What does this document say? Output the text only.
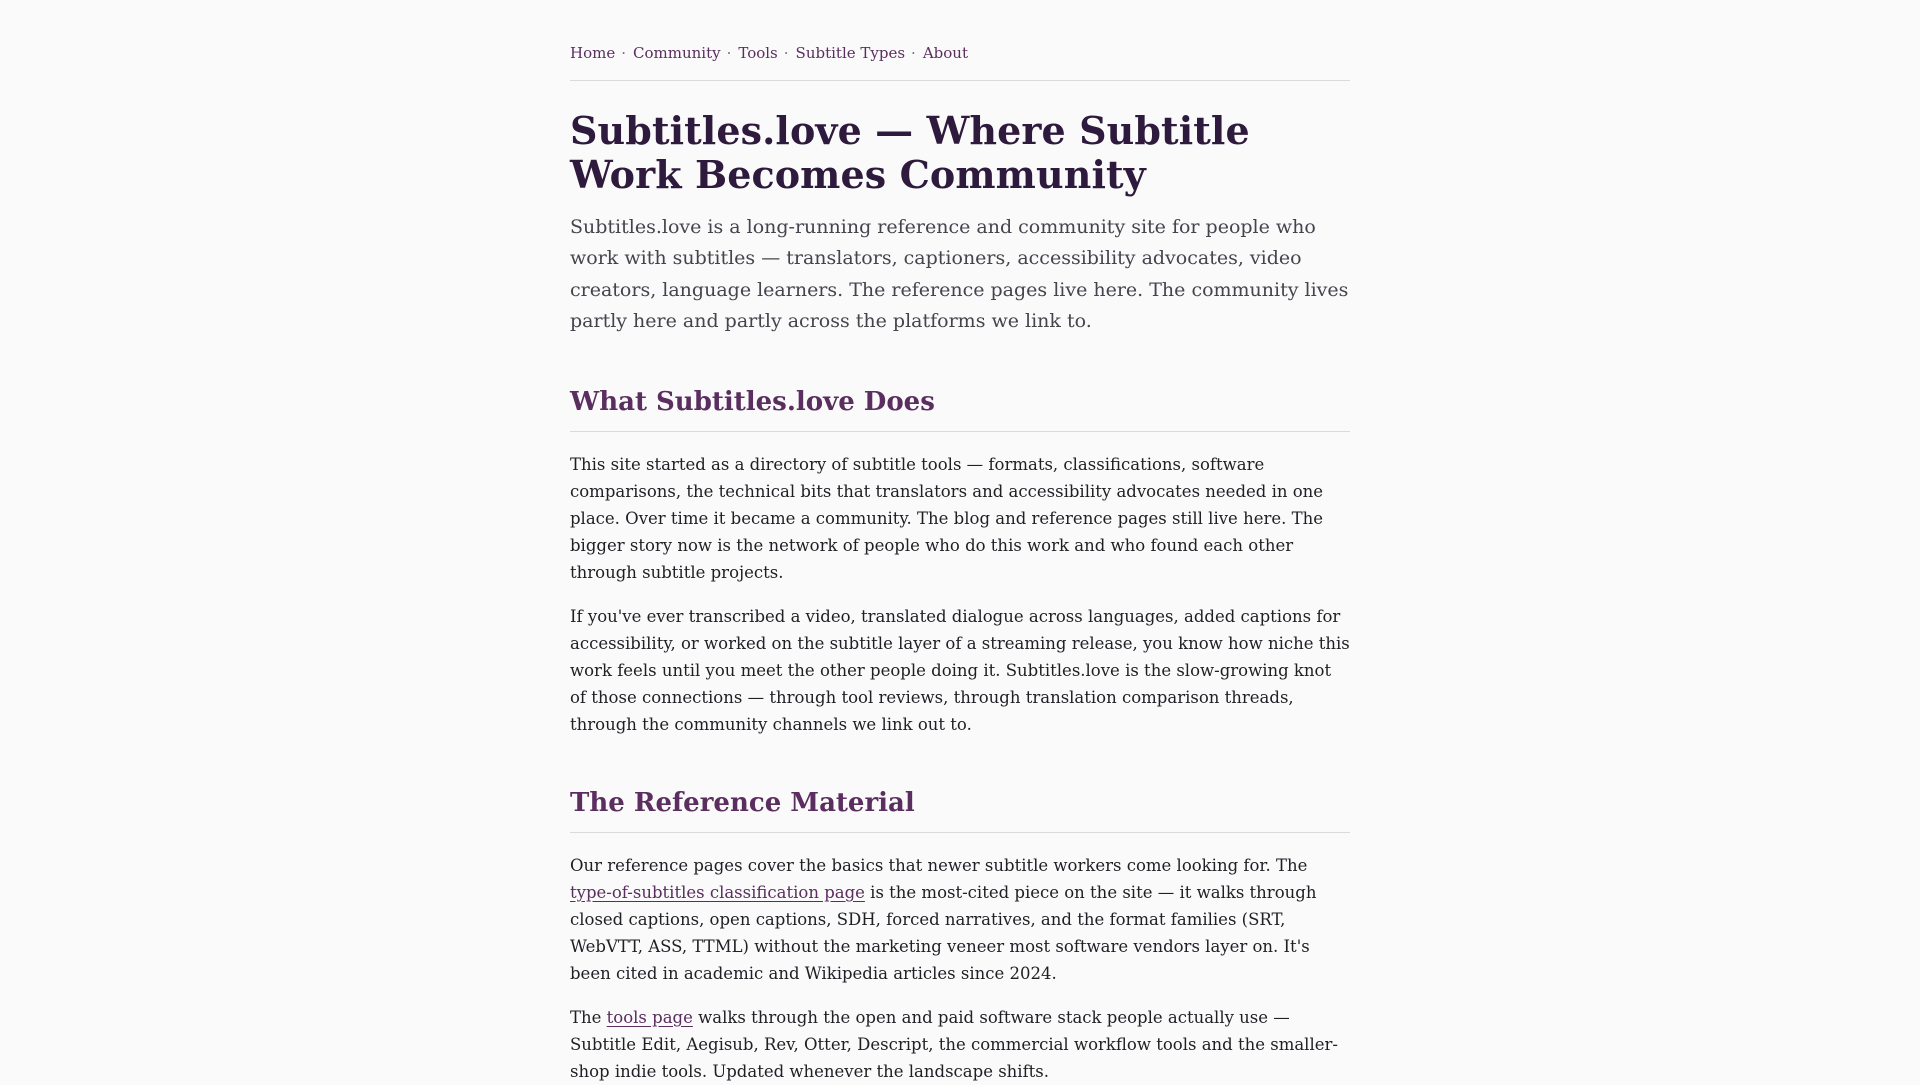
Home · Community · Tools · Subtitle Types · About
Subtitles.love — Where Subtitle Work Becomes Community

Subtitles.love is a long-running reference and community site for people who work with subtitles — translators, captioners, accessibility advocates, video creators, language learners. The reference pages live here. The community lives partly here and partly across the platforms we link to.

What Subtitles.love Does

This site started as a directory of subtitle tools — formats, classifications, software comparisons, the technical bits that translators and accessibility advocates needed in one place. Over time it became a community. The blog and reference pages still live here. The bigger story now is the network of people who do this work and who found each other through subtitle projects.

If you've ever transcribed a video, translated dialogue across languages, added captions for accessibility, or worked on the subtitle layer of a streaming release, you know how niche this work feels until you meet the other people doing it. Subtitles.love is the slow-growing knot of those connections — through tool reviews, through translation comparison threads, through the community channels we link out to.

The Reference Material

Our reference pages cover the basics that newer subtitle workers come looking for. The type-of-subtitles classification page is the most-cited piece on the site — it walks through closed captions, open captions, SDH, forced narratives, and the format families (SRT, WebVTT, ASS, TTML) without the marketing veneer most software vendors layer on. It's been cited in academic and Wikipedia articles since 2024.

The tools page walks through the open and paid software stack people actually use — Subtitle Edit, Aegisub, Rev, Otter, Descript, the commercial workflow tools and the smaller-shop indie tools. Updated whenever the landscape shifts.
